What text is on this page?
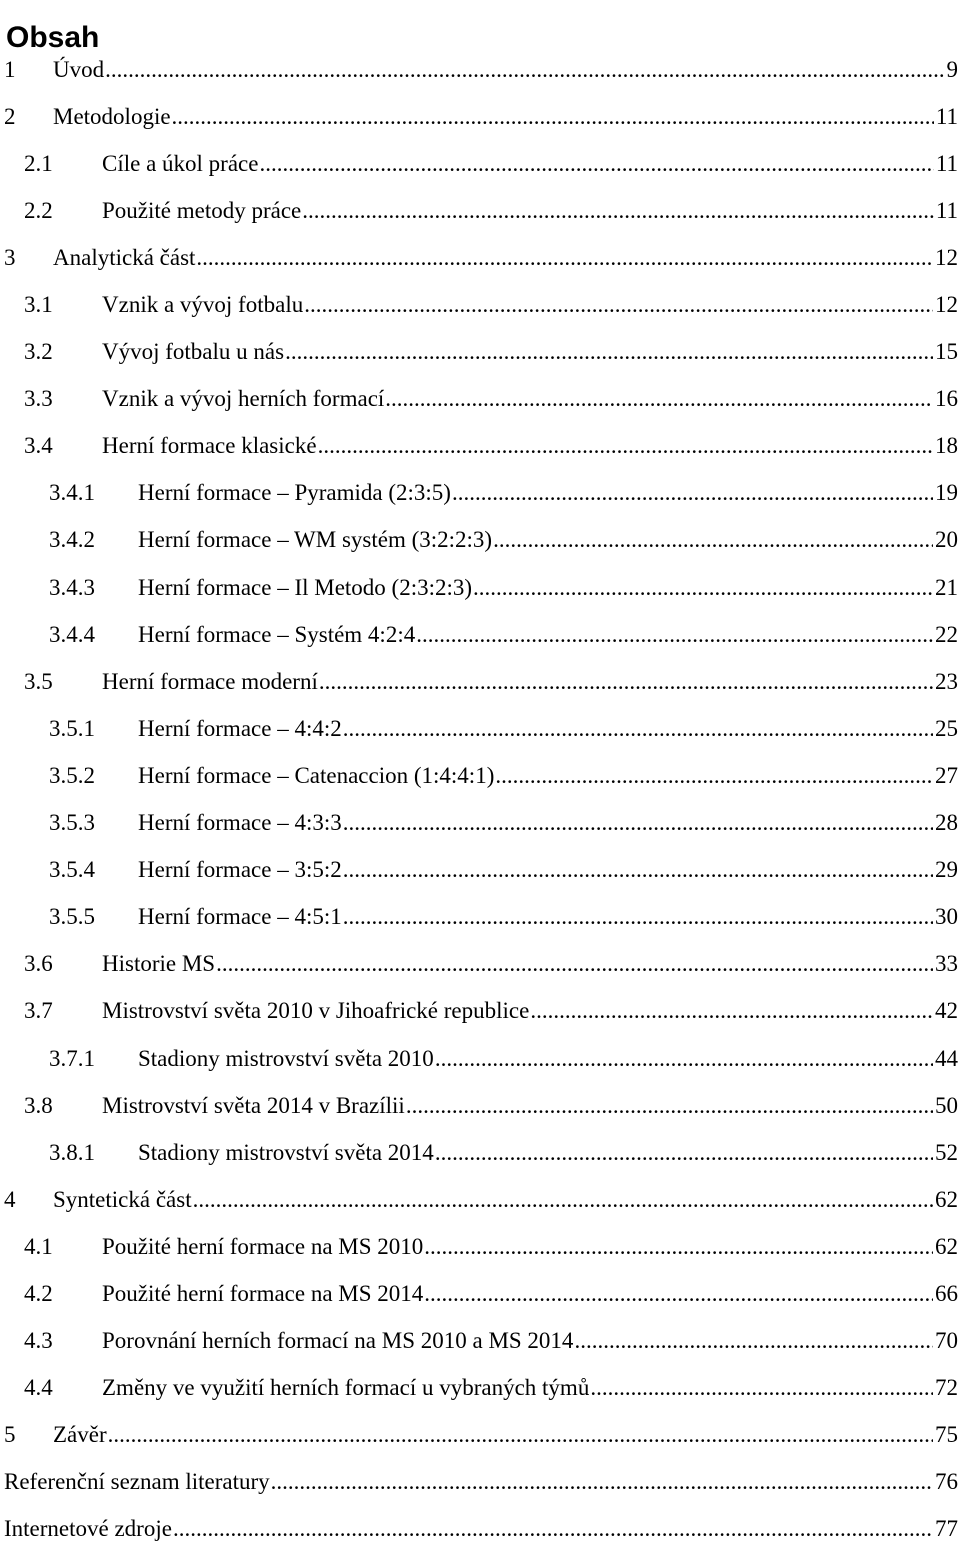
Obsah
1	Úvod .....	9
2	Metodologie .....	11
2.1	Cíle a úkol práce .....	11
2.2	Použité metody práce .....	11
3	Analytická část .....	12
3.1	Vznik a vývoj fotbalu .....	12
3.2	Vývoj fotbalu u nás .....	15
3.3	Vznik a vývoj herních formací .....	16
3.4	Herní formace klasické .....	18
3.4.1	Herní formace – Pyramida (2:3:5) .....	19
3.4.2	Herní formace – WM systém (3:2:2:3) .....	20
3.4.3	Herní formace – Il Metodo (2:3:2:3) .....	21
3.4.4	Herní formace – Systém 4:2:4 .....	22
3.5	Herní formace moderní .....	23
3.5.1	Herní formace – 4:4:2 .....	25
3.5.2	Herní formace – Catenaccion (1:4:4:1) .....	27
3.5.3	Herní formace – 4:3:3 .....	28
3.5.4	Herní formace – 3:5:2 .....	29
3.5.5	Herní formace – 4:5:1 .....	30
3.6	Historie MS .....	33
3.7	Mistrovství světa 2010 v Jihoafrické republice .....	42
3.7.1	Stadiony mistrovství světa 2010 .....	44
3.8	Mistrovství světa 2014 v Brazílii .....	50
3.8.1	Stadiony mistrovství světa 2014 .....	52
4	Syntetická část .....	62
4.1	Použité herní formace na MS 2010 .....	62
4.2	Použité herní formace na MS 2014 .....	66
4.3	Porovnání herních formací na MS 2010 a MS 2014 .....	70
4.4	Změny ve využití herních formací u vybraných týmů .....	72
5	Závěr .....	75
Referenční seznam literatury .....	76
Internetové zdroje .....	77
